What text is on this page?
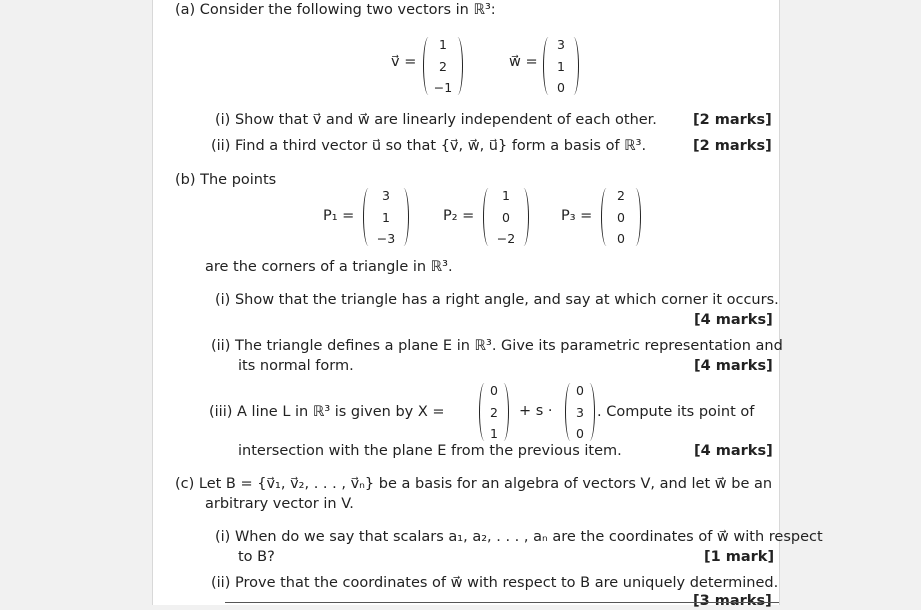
(a) Consider the following two vectors in ℝ³:
v⃗ =
1
2
−1
w⃗ =
3
1
0
(i) Show that v⃗ and w⃗ are linearly independent of each other. [2 marks]
(ii) Find a third vector u⃗ so that {v⃗, w⃗, u⃗} form a basis of ℝ³.	[2 marks]
(b) The points
P₁ =
3
1
−3
P₂ =
1
0
−2
P₃ =
2
0
0
are the corners of a triangle in ℝ³.
(i) Show that the triangle has a right angle, and say at which corner it occurs.
[4 marks]
(ii) The triangle defines a plane E in ℝ³. Give its parametric representation and
its normal form.	[4 marks]
(iii) A line L in ℝ³ is given by X =
0
2
1
+ s ·
0
3
0
. Compute its point of
intersection with the plane E from the previous item.	[4 marks]
(c) Let B = {v⃗₁, v⃗₂, . . . , v⃗ₙ} be a basis for an algebra of vectors V, and let w⃗ be an
arbitrary vector in V.
(i) When do we say that scalars a₁, a₂, . . . , aₙ are the coordinates of w⃗ with respect
to B?	[1 mark]
(ii) Prove that the coordinates of w⃗ with respect to B are uniquely determined.
[3 marks]
